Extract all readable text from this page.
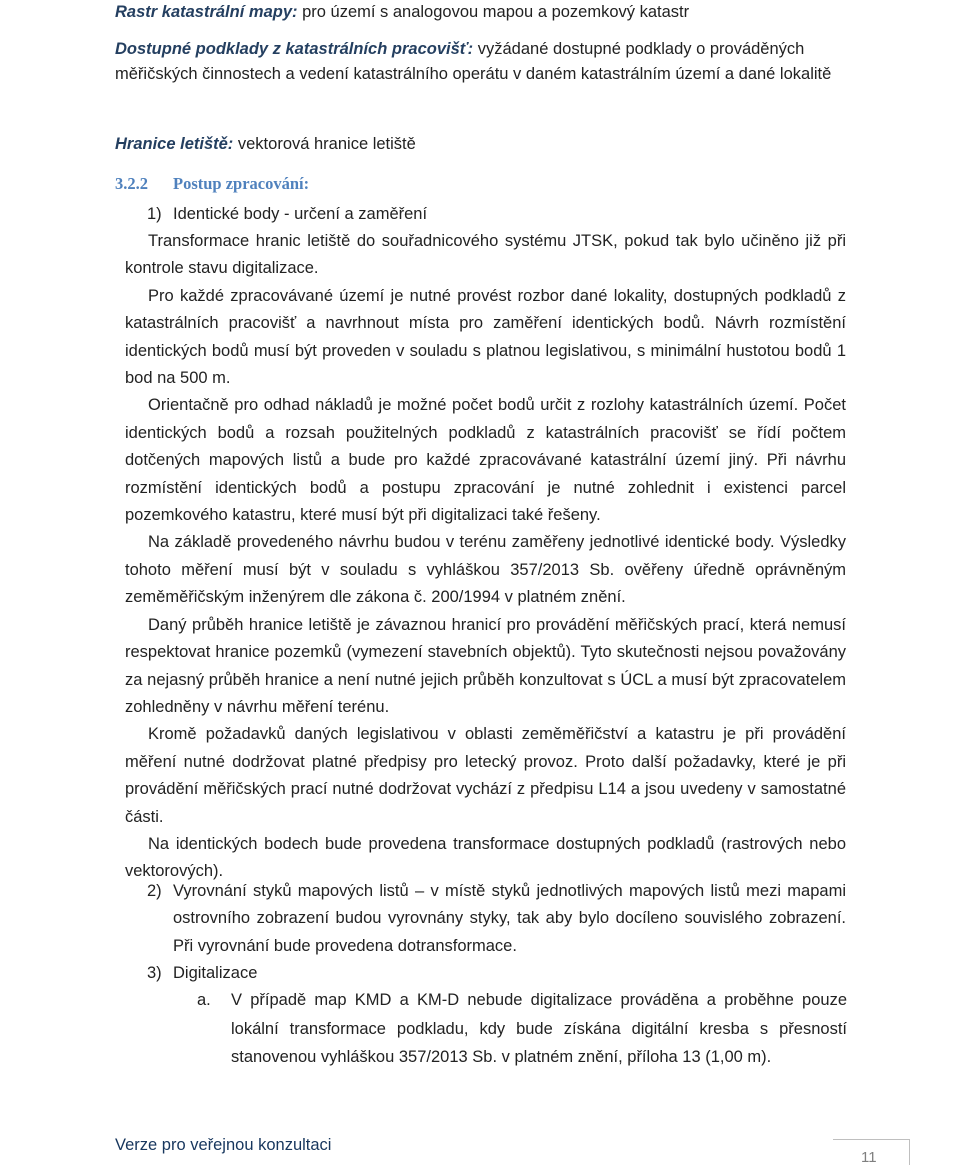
Rastr katastrální mapy: pro území s analogovou mapou a pozemkový katastr
Dostupné podklady z katastrálních pracovišť: vyžádané dostupné podklady o prováděných měřičských činnostech a vedení katastrálního operátu v daném katastrálním území a dané lokalitě
Hranice letiště: vektorová hranice letiště
3.2.2 Postup zpracování:
1) Identické body - určení a zaměření

Transformace hranic letiště do souřadnicového systému JTSK, pokud tak bylo učiněno již při kontrole stavu digitalizace.

Pro každé zpracovávané území je nutné provést rozbor dané lokality, dostupných podkladů z katastrálních pracovišť a navrhnout místa pro zaměření identických bodů. Návrh rozmístění identických bodů musí být proveden v souladu s platnou legislativou, s minimální hustotou bodů 1 bod na 500 m.

Orientačně pro odhad nákladů je možné počet bodů určit z rozlohy katastrálních území. Počet identických bodů a rozsah použitelných podkladů z katastrálních pracovišť se řídí počtem dotčených mapových listů a bude pro každé zpracovávané katastrální území jiný. Při návrhu rozmístění identických bodů a postupu zpracování je nutné zohlednit i existenci parcel pozemkového katastru, které musí být při digitalizaci také řešeny.

Na základě provedeného návrhu budou v terénu zaměřeny jednotlivé identické body. Výsledky tohoto měření musí být v souladu s vyhláškou 357/2013 Sb. ověřeny úředně oprávněným zeměměřičským inženýrem dle zákona č. 200/1994 v platném znění.

Daný průběh hranice letiště je závaznou hranicí pro provádění měřičských prací, která nemusí respektovat hranice pozemků (vymezení stavebních objektů). Tyto skutečnosti nejsou považovány za nejasný průběh hranice a není nutné jejich průběh konzultovat s ÚCL a musí být zpracovatelem zohledněny v návrhu měření terénu.

Kromě požadavků daných legislativou v oblasti zeměměřičství a katastru je při provádění měření nutné dodržovat platné předpisy pro letecký provoz. Proto další požadavky, které je při provádění měřičských prací nutné dodržovat vychází z předpisu L14 a jsou uvedeny v samostatné části.

Na identických bodech bude provedena transformace dostupných podkladů (rastrových nebo vektorových).

2) Vyrovnání styků mapových listů – v místě styků jednotlivých mapových listů mezi mapami ostrovního zobrazení budou vyrovnány styky, tak aby bylo docíleno souvislého zobrazení. Při vyrovnání bude provedena dotransformace.
3) Digitalizace
a.	V případě map KMD a KM-D nebude digitalizace prováděna a proběhne pouze lokální transformace podkladu, kdy bude získána digitální kresba s přesností stanovenou vyhláškou 357/2013 Sb. v platném znění, příloha 13 (1,00 m).
Verze pro veřejnou konzultaci
11
